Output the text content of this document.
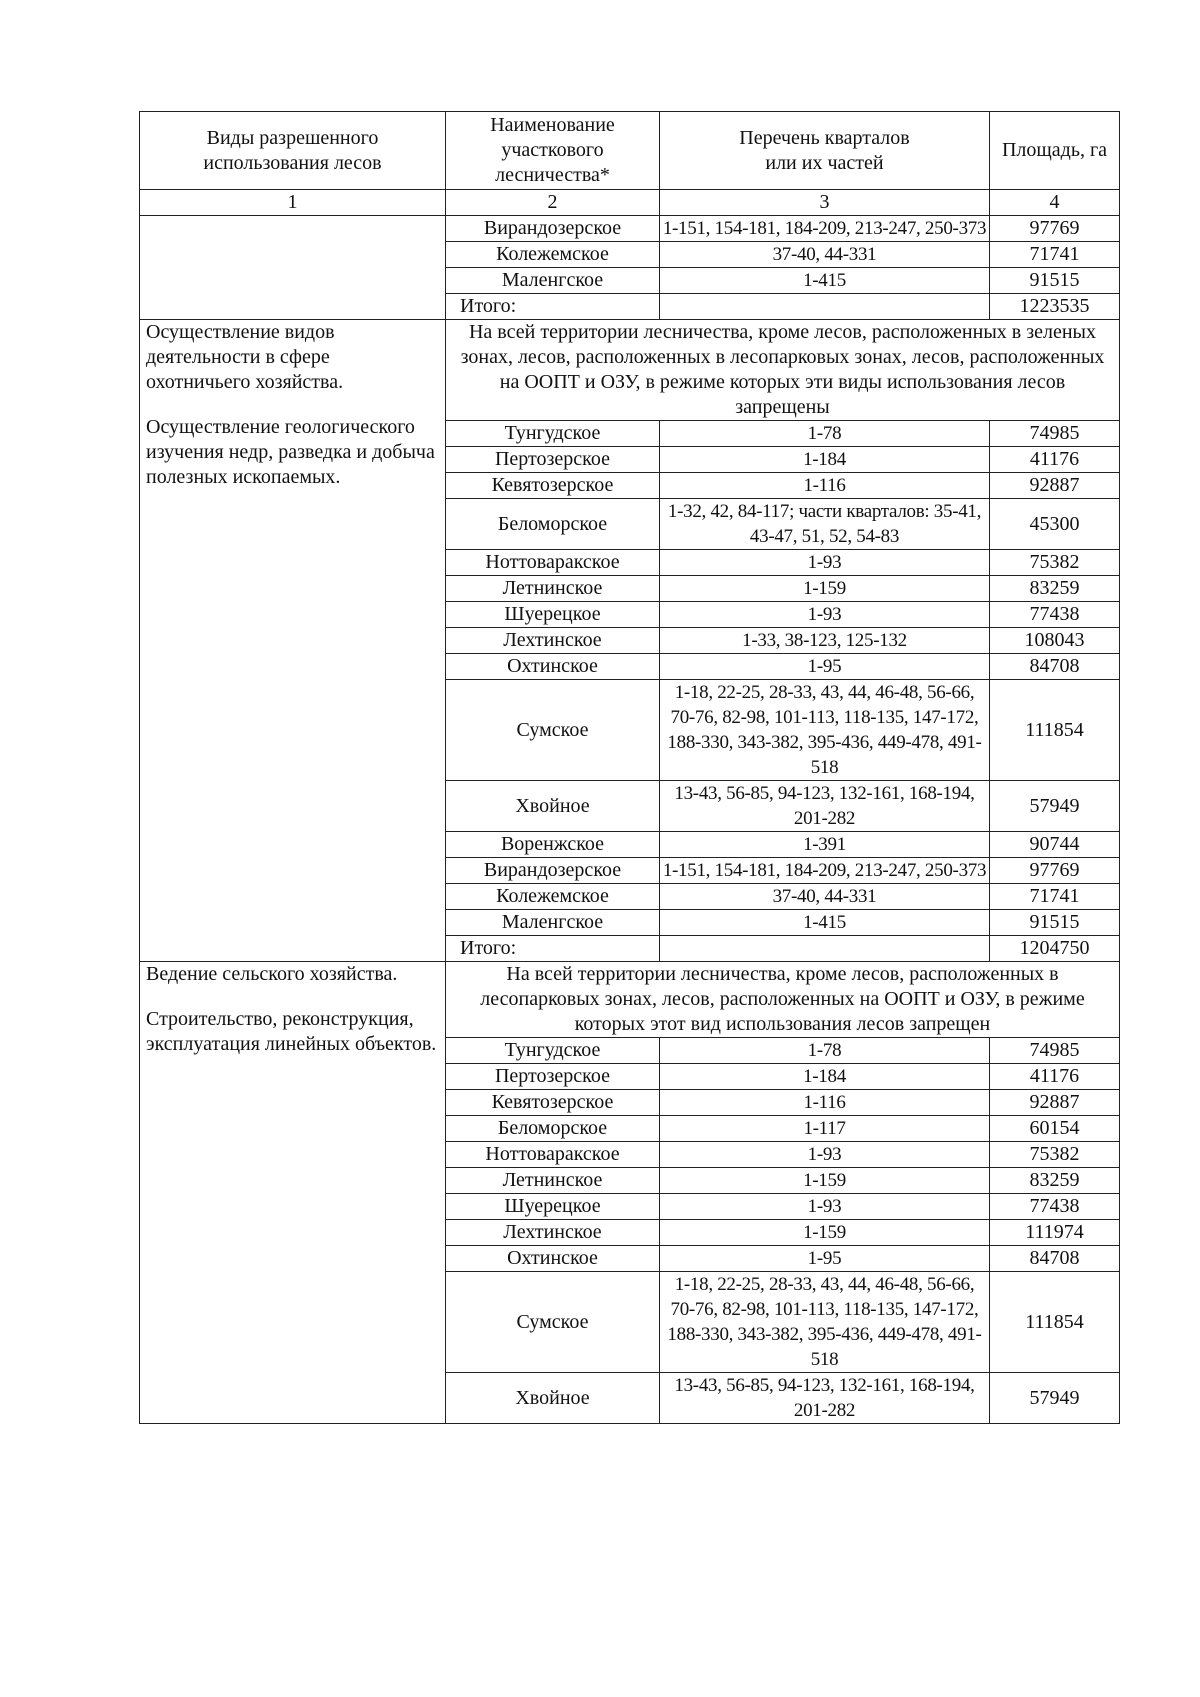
Виды разрешенного использования лесов	Наименование участкового лесничества*	Перечень кварталов или их частей	Площадь, га
1	2	3	4
	Вирандозерское	1-151, 154-181, 184-209, 213-247, 250-373	97769
	Колежемское	37-40, 44-331	71741
	Маленгское	1-415	91515
	Итого:		1223535

Осуществление видов деятельности в сфере охотничьего хозяйства.

Осуществление геологического изучения недр, разведка и добыча полезных ископаемых.	На всей территории лесничества, кроме лесов, расположенных в зеленых зонах, лесов, расположенных в лесопарковых зонах, лесов, расположенных на ООПТ и ОЗУ, в режиме которых эти виды использования лесов запрещены		
	Тунгудское	1-78	74985
	Пертозерское	1-184	41176
	Кевятозерское	1-116	92887
	Беломорское	1-32, 42, 84-117; части кварталов: 35-41, 43-47, 51, 52, 54-83	45300
	Ноттоваракское	1-93	75382
	Летнинское	1-159	83259
	Шуерецкое	1-93	77438
	Лехтинское	1-33, 38-123, 125-132	108043
	Охтинское	1-95	84708
	Сумское	1-18, 22-25, 28-33, 43, 44, 46-48, 56-66, 70-76, 82-98, 101-113, 118-135, 147-172, 188-330, 343-382, 395-436, 449-478, 491-518	111854
	Хвойное	13-43, 56-85, 94-123, 132-161, 168-194, 201-282	57949
	Воренжское	1-391	90744
	Вирандозерское	1-151, 154-181, 184-209, 213-247, 250-373	97769
	Колежемское	37-40, 44-331	71741
	Маленгское	1-415	91515
	Итого:		1204750

Ведение сельского хозяйства.

Строительство, реконструкция, эксплуатация линейных объектов.	На всей территории лесничества, кроме лесов, расположенных в лесопарковых зонах, лесов, расположенных на ООПТ и ОЗУ, в режиме которых этот вид использования лесов запрещен		
	Тунгудское	1-78	74985
	Пертозерское	1-184	41176
	Кевятозерское	1-116	92887
	Беломорское	1-117	60154
	Ноттоваракское	1-93	75382
	Летнинское	1-159	83259
	Шуерецкое	1-93	77438
	Лехтинское	1-159	111974
	Охтинское	1-95	84708
	Сумское	1-18, 22-25, 28-33, 43, 44, 46-48, 56-66, 70-76, 82-98, 101-113, 118-135, 147-172, 188-330, 343-382, 395-436, 449-478, 491-518	111854
	Хвойное	13-43, 56-85, 94-123, 132-161, 168-194, 201-282	57949
